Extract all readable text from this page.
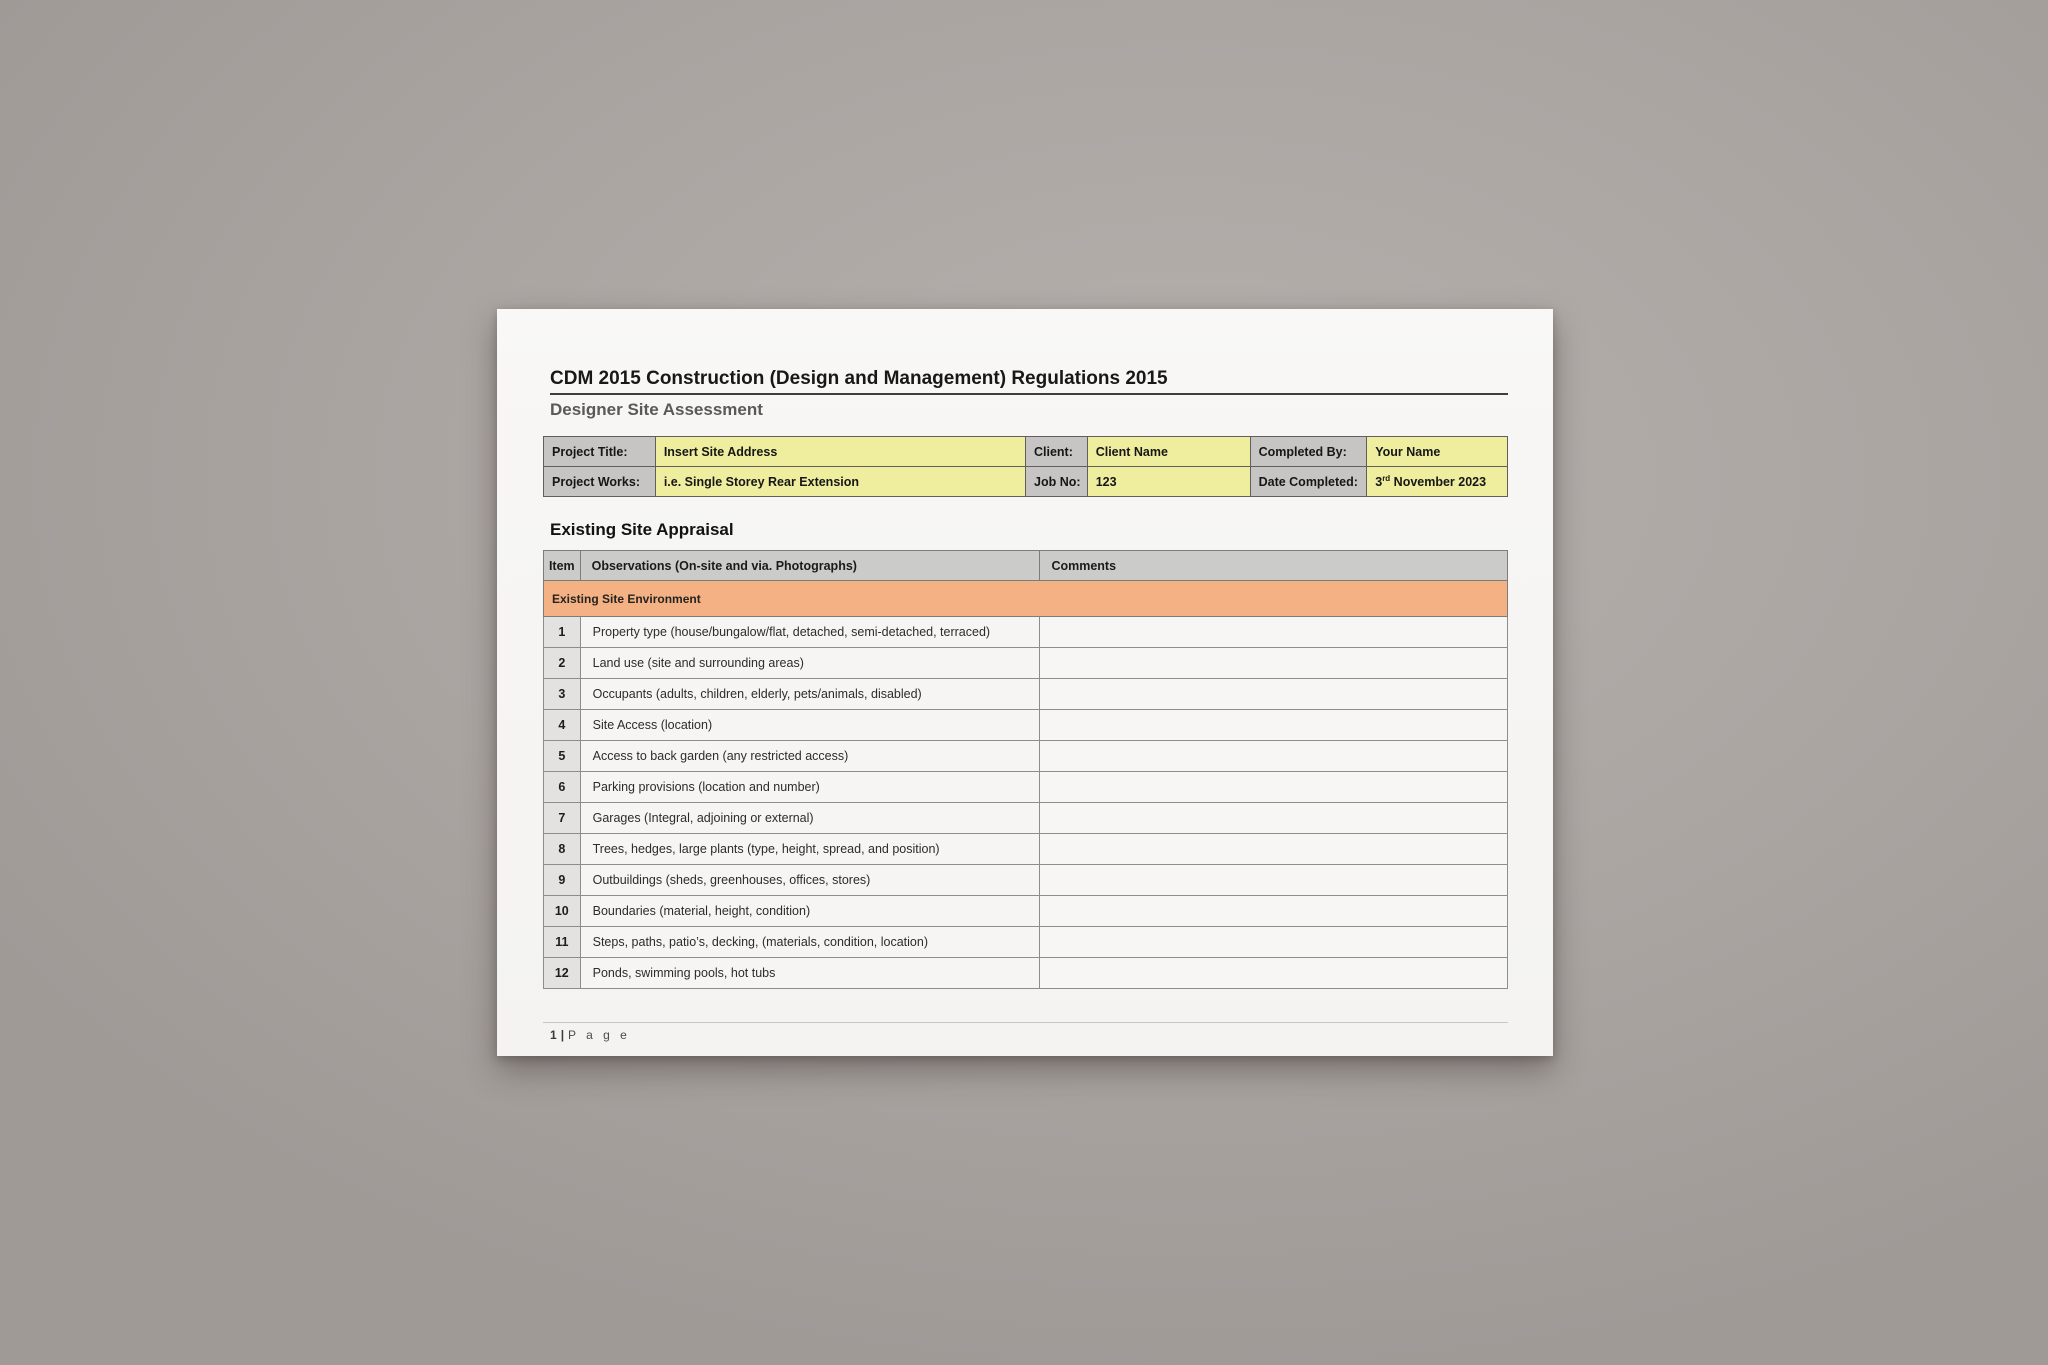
CDM 2015 Construction (Design and Management) Regulations 2015
Designer Site Assessment
Project Title:	Insert Site Address	Client:	Client Name	Completed By:	Your Name
Project Works:	i.e. Single Storey Rear Extension	Job No:	123	Date Completed:	3rd November 2023
Existing Site Appraisal
Item	Observations (On-site and via. Photographs)	Comments
Existing Site Environment		
1	Property type (house/bungalow/flat, detached, semi-detached, terraced)	
2	Land use (site and surrounding areas)	
3	Occupants (adults, children, elderly, pets/animals, disabled)	
4	Site Access (location)	
5	Access to back garden (any restricted access)	
6	Parking provisions (location and number)	
7	Garages (Integral, adjoining or external)	
8	Trees, hedges, large plants (type, height, spread, and position)	
9	Outbuildings (sheds, greenhouses, offices, stores)	
10	Boundaries (material, height, condition)	
11	Steps, paths, patio’s, decking, (materials, condition, location)	
12	Ponds, swimming pools, hot tubs	
1 | P a g e
